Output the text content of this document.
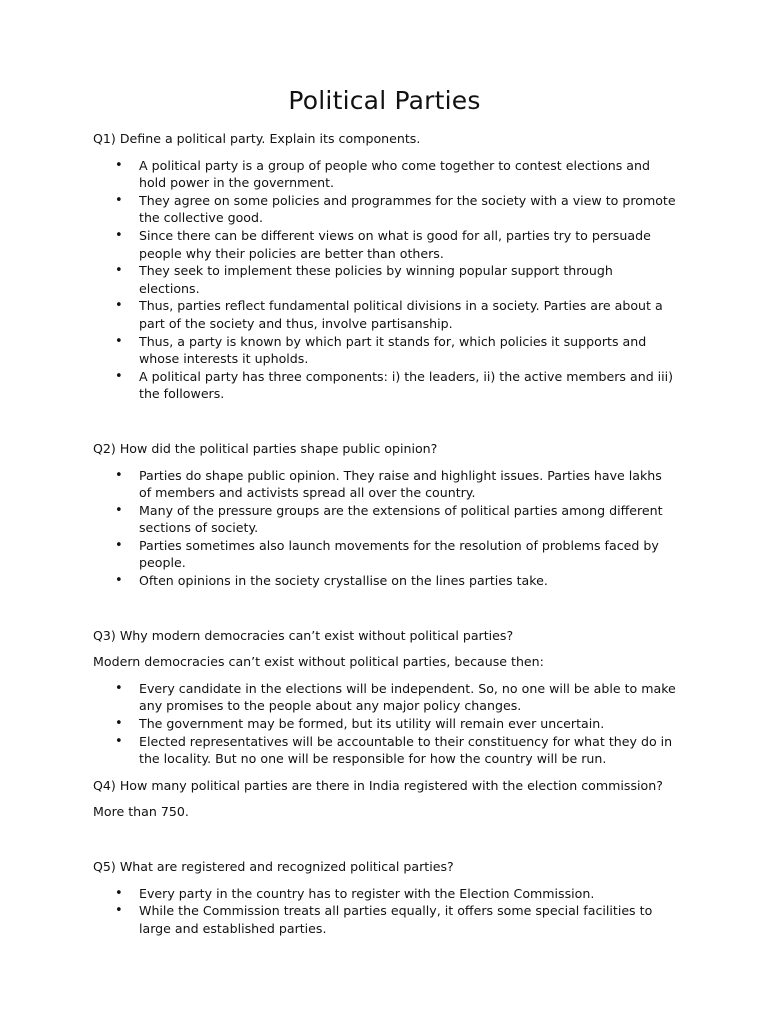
Political Parties

Q1) Define a political party. Explain its components.

• A political party is a group of people who come together to contest elections and hold power in the government.
• They agree on some policies and programmes for the society with a view to promote the collective good.
• Since there can be different views on what is good for all, parties try to persuade people why their policies are better than others.
• They seek to implement these policies by winning popular support through elections.
• Thus, parties reflect fundamental political divisions in a society. Parties are about a part of the society and thus, involve partisanship.
• Thus, a party is known by which part it stands for, which policies it supports and whose interests it upholds.
• A political party has three components: i) the leaders, ii) the active members and iii) the followers.

Q2) How did the political parties shape public opinion?

• Parties do shape public opinion. They raise and highlight issues. Parties have lakhs of members and activists spread all over the country.
• Many of the pressure groups are the extensions of political parties among different sections of society.
• Parties sometimes also launch movements for the resolution of problems faced by people.
• Often opinions in the society crystallise on the lines parties take.

Q3) Why modern democracies can’t exist without political parties?

Modern democracies can’t exist without political parties, because then:

• Every candidate in the elections will be independent. So, no one will be able to make any promises to the people about any major policy changes.
• The government may be formed, but its utility will remain ever uncertain.
• Elected representatives will be accountable to their constituency for what they do in the locality. But no one will be responsible for how the country will be run.

Q4) How many political parties are there in India registered with the election commission?

More than 750.

Q5) What are registered and recognized political parties?

• Every party in the country has to register with the Election Commission.
• While the Commission treats all parties equally, it offers some special facilities to large and established parties.
